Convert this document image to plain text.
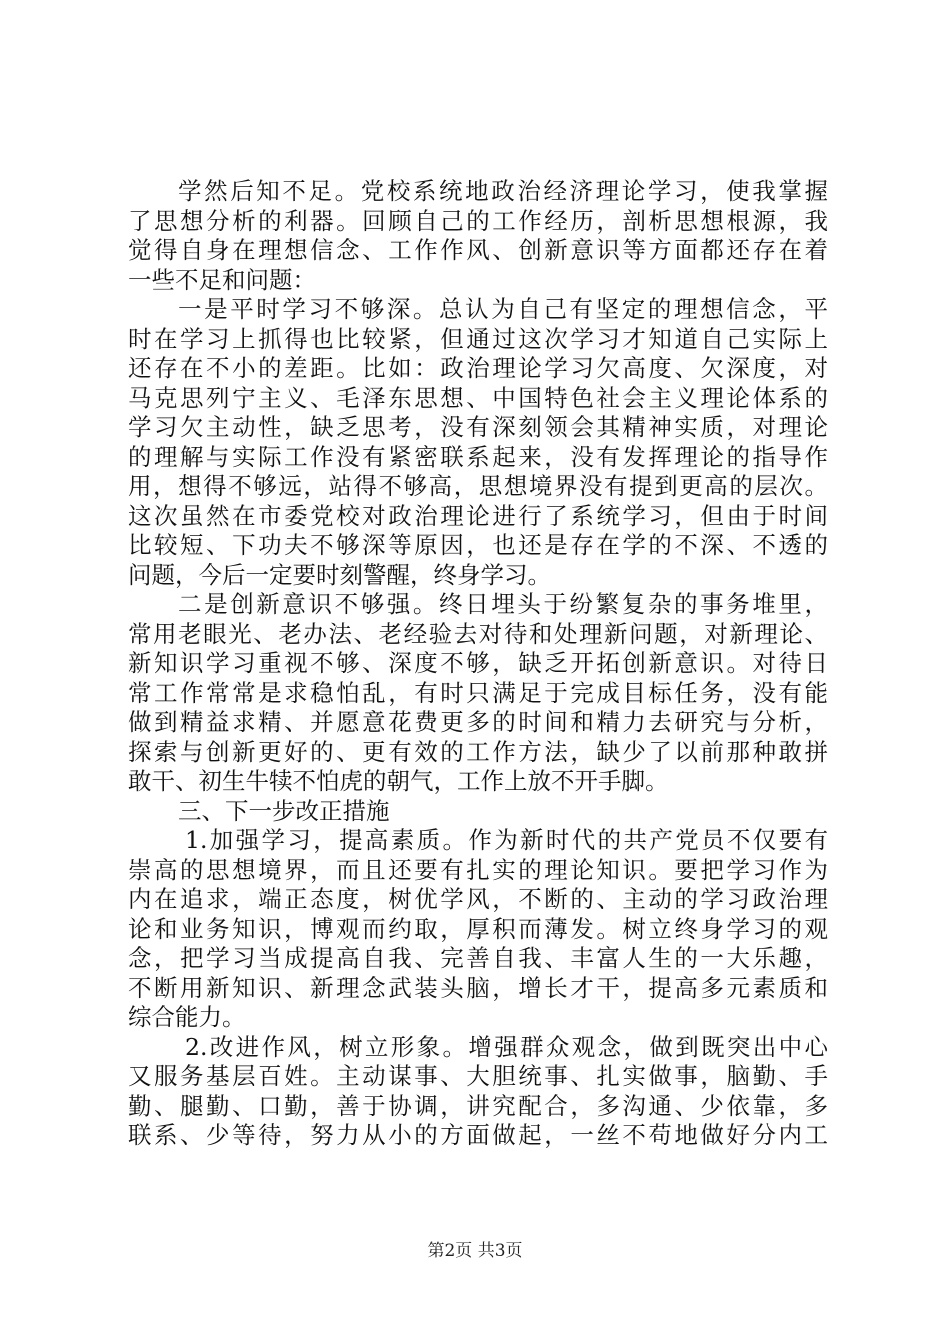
学然后知不足。党校系统地政治经济理论学习，使我掌握
了思想分析的利器。回顾自己的工作经历，剖析思想根源，我
觉得自身在理想信念、工作作风、创新意识等方面都还存在着
一些不足和问题：
一是平时学习不够深。总认为自己有坚定的理想信念，平
时在学习上抓得也比较紧，但通过这次学习才知道自己实际上
还存在不小的差距。比如：政治理论学习欠高度、欠深度，对
马克思列宁主义、毛泽东思想、中国特色社会主义理论体系的
学习欠主动性，缺乏思考，没有深刻领会其精神实质，对理论
的理解与实际工作没有紧密联系起来，没有发挥理论的指导作
用，想得不够远，站得不够高，思想境界没有提到更高的层次。
这次虽然在市委党校对政治理论进行了系统学习，但由于时间
比较短、下功夫不够深等原因，也还是存在学的不深、不透的
问题，今后一定要时刻警醒，终身学习。
二是创新意识不够强。终日埋头于纷繁复杂的事务堆里，
常用老眼光、老办法、老经验去对待和处理新问题，对新理论、
新知识学习重视不够、深度不够，缺乏开拓创新意识。对待日
常工作常常是求稳怕乱，有时只满足于完成目标任务，没有能
做到精益求精、并愿意花费更多的时间和精力去研究与分析，
探索与创新更好的、更有效的工作方法，缺少了以前那种敢拼
敢干、初生牛犊不怕虎的朝气，工作上放不开手脚。
三、下一步改正措施
1.加强学习，提高素质。作为新时代的共产党员不仅要有
崇高的思想境界，而且还要有扎实的理论知识。要把学习作为
内在追求，端正态度，树优学风，不断的、主动的学习政治理
论和业务知识，博观而约取，厚积而薄发。树立终身学习的观
念，把学习当成提高自我、完善自我、丰富人生的一大乐趣，
不断用新知识、新理念武装头脑，增长才干，提高多元素质和
综合能力。
2.改进作风，树立形象。增强群众观念，做到既突出中心
又服务基层百姓。主动谋事、大胆统事、扎实做事，脑勤、手
勤、腿勤、口勤，善于协调，讲究配合，多沟通、少依靠，多
联系、少等待，努力从小的方面做起，一丝不苟地做好分内工
第2页 共3页
